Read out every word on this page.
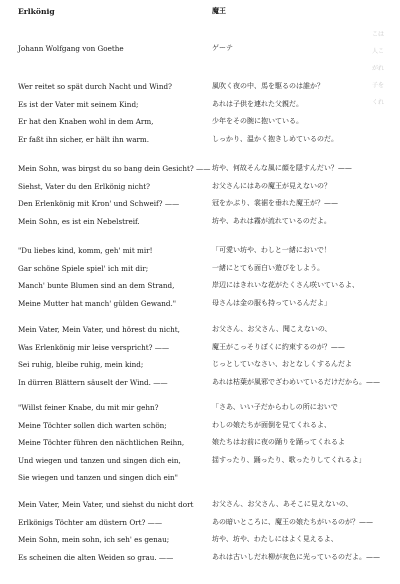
Erlkönig
Johann Wolfgang von Goethe
Wer reitet so spät durch Nacht und Wind?
Es ist der Vater mit seinem Kind;
Er hat den Knaben wohl in dem Arm,
Er faßt ihn sicher, er hält ihn warm.
Mein Sohn, was birgst du so bang dein Gesicht? ——
Siehst, Vater du den Erlkönig nicht?
Den Erlenkönig mit Kron' und Schweif? ——
Mein Sohn, es ist ein Nebelstreif.
"Du liebes kind, komm, geh' mit mir!
Gar schöne Spiele spiel' ich mit dir;
Manch' bunte Blumen sind an dem Strand,
Meine Mutter hat manch' gülden Gewand."
Mein Vater, Mein Vater, und hörest du nicht,
Was Erlenkönig mir leise verspricht? ——
Sei ruhig, bleibe ruhig, mein kind;
In dürren Blättern säuselt der Wind. ——
"Willst feiner Knabe, du mit mir gehn?
Meine Töchter sollen dich warten schön;
Meine Töchter führen den nächtlichen Reihn,
Und wiegen und tanzen und singen dich ein,
Sie wiegen und tanzen und singen dich ein"
Mein Vater, Mein Vater, und siehst du nicht dort
Erlkönigs Töchter am düstern Ort? ——
Mein Sohn, mein sohn, ich seh' es genau;
Es scheinen die alten Weiden so grau. ——
魔王
ゲーテ
風吹く夜の中、馬を駆るのは誰か？
あれは子供を連れた父親だ。
少年をその腕に抱いている。
しっかり、温かく抱きしめているのだ。
坊や、何故そんな風に顔を隠すんだい？——
お父さんにはあの魔王が見えないの？
冠をかぶり、裳裾を垂れた魔王が？——
坊や、あれは霧が流れているのだよ。
「可愛い坊や、わしと一緒においで！
一緒にとても面白い遊びをしよう。
岸辺にはきれいな花がたくさん咲いているよ、
母さんは金の服も持っているんだよ」
お父さん、お父さん、聞こえないの、
魔王がこっそりぼくに約束するのが？——
じっとしていなさい、おとなしくするんだよ
あれは枯葉が風邪でざわめいているだけだから。——
「さあ、いい子だからわしの所においで
わしの娘たちが面倒を見てくれるよ、
娘たちはお前に夜の踊りを踊ってくれるよ
揺すったり、踊ったり、歌ったりしてくれるよ」
お父さん、お父さん、あそこに見えないの、
あの暗いところに、魔王の娘たちがいるのが？——
坊や、坊や、わたしにはよく見えるよ、
あれは古いしだれ柳が灰色に光っているのだよ。——
こは
人こ
がれ
子を
くれ
